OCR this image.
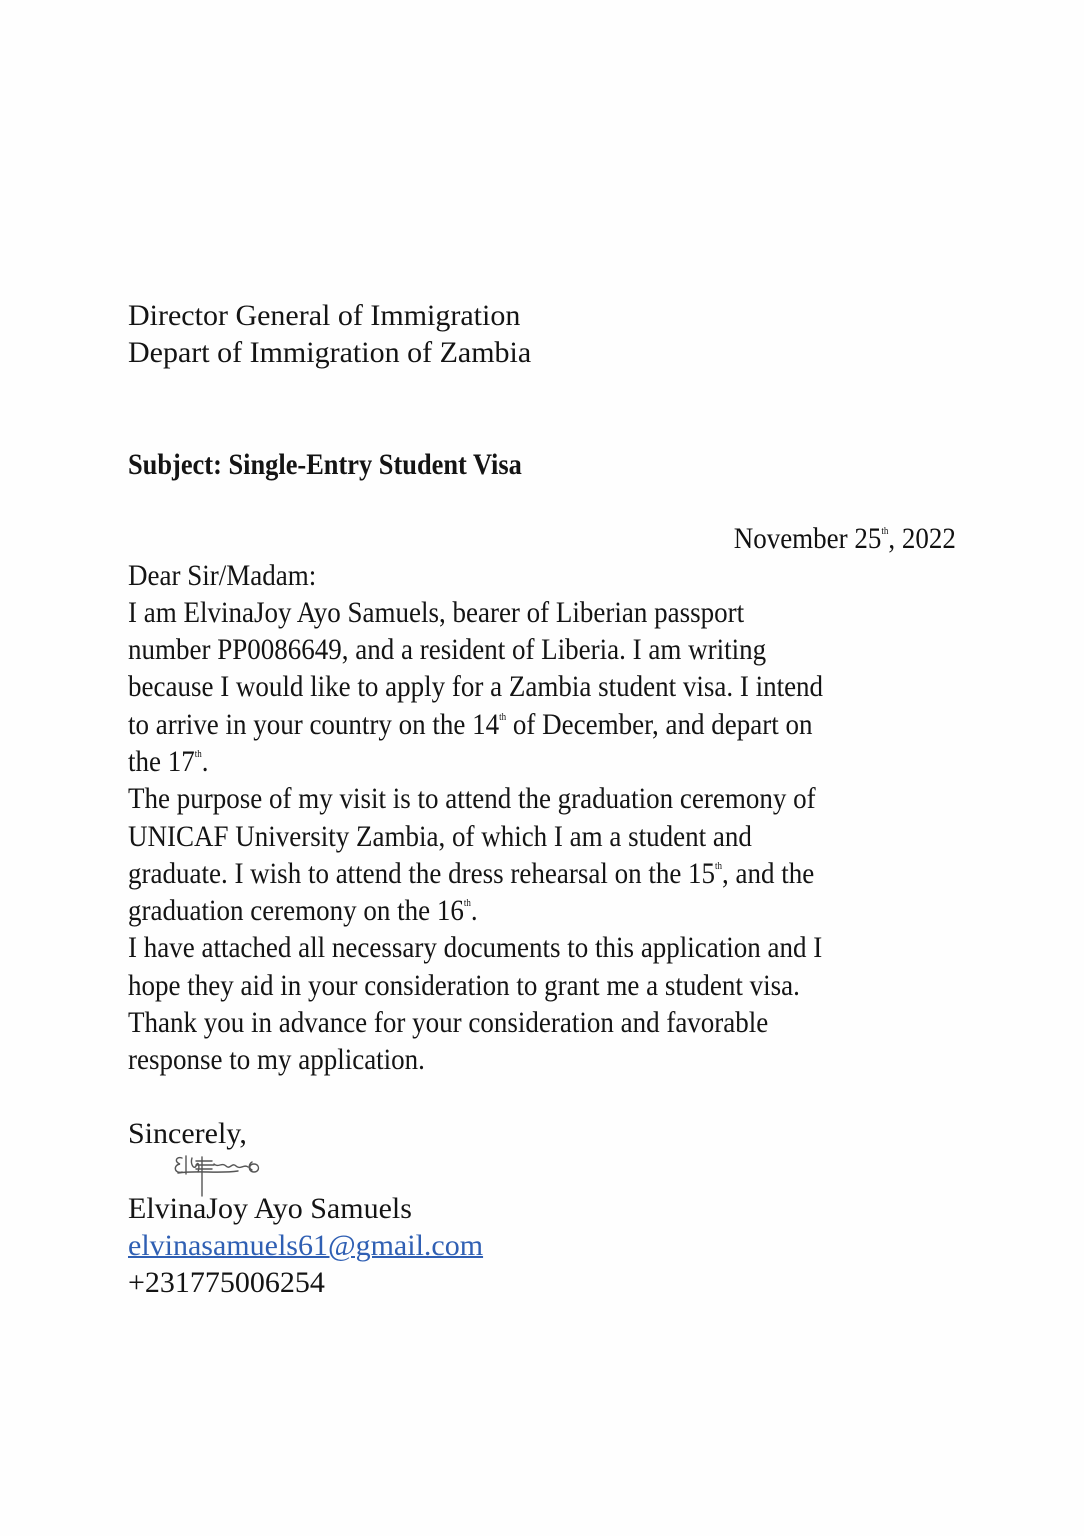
Director General of Immigration
Depart of Immigration of Zambia
Subject: Single-Entry Student Visa
November 25th, 2022
Dear Sir/Madam:
I am ElvinaJoy Ayo Samuels, bearer of Liberian passport
number PP0086649, and a resident of Liberia. I am writing
because I would like to apply for a Zambia student visa. I intend
to arrive in your country on the 14th of December, and depart on
the 17th.
The purpose of my visit is to attend the graduation ceremony of
UNICAF University Zambia, of which I am a student and
graduate. I wish to attend the dress rehearsal on the 15th, and the
graduation ceremony on the 16th.
I have attached all necessary documents to this application and I
hope they aid in your consideration to grant me a student visa.
Thank you in advance for your consideration and favorable
response to my application.
Sincerely,
ElvinaJoy Ayo Samuels
elvinasamuels61@gmail.com
+231775006254
